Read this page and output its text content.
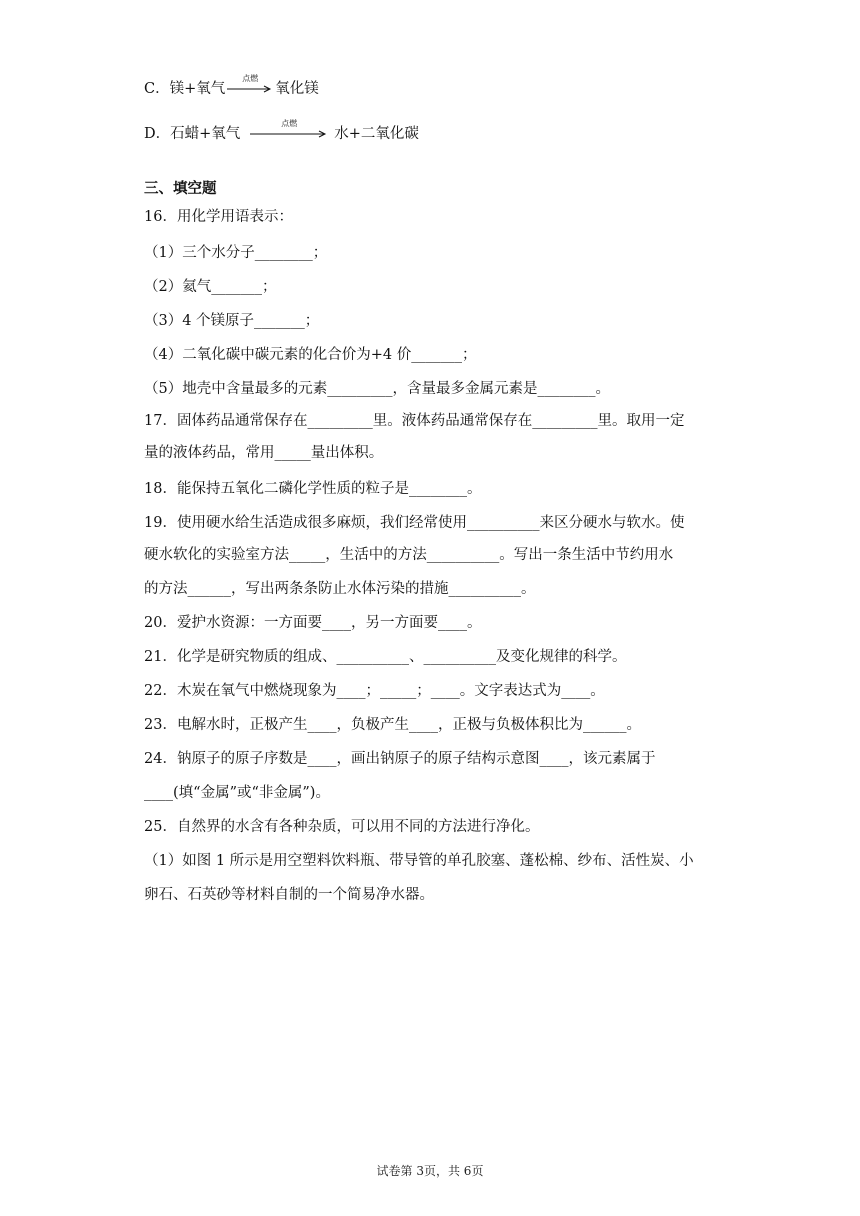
C．镁+氧气
点燃
氧化镁
D．石蜡+氧气
点燃
水+二氧化碳
三、填空题
16．用化学用语表示：
（1）三个水分子________；
（2）氦气_______；
（3）4 个镁原子_______；
（4）二氧化碳中碳元素的化合价为+4 价_______；
（5）地壳中含量最多的元素_________，含量最多金属元素是________。
17．固体药品通常保存在_________里。液体药品通常保存在_________里。取用一定
量的液体药品，常用_____量出体积。
18．能保持五氧化二磷化学性质的粒子是________。
19．使用硬水给生活造成很多麻烦，我们经常使用__________来区分硬水与软水。使
硬水软化的实验室方法_____，生活中的方法__________。写出一条生活中节约用水
的方法______，写出两条条防止水体污染的措施__________。
20．爱护水资源：一方面要____，另一方面要____。
21．化学是研究物质的组成、__________、__________及变化规律的科学。
22．木炭在氧气中燃烧现象为____；_____；____。文字表达式为____。
23．电解水时，正极产生____，负极产生____，正极与负极体积比为______。
24．钠原子的原子序数是____，画出钠原子的原子结构示意图____，该元素属于
____(填“金属”或“非金属”)。
25．自然界的水含有各种杂质，可以用不同的方法进行净化。
（1）如图 1 所示是用空塑料饮料瓶、带导管的单孔胶塞、蓬松棉、纱布、活性炭、小
卵石、石英砂等材料自制的一个简易净水器。
试卷第 3页，共 6页
